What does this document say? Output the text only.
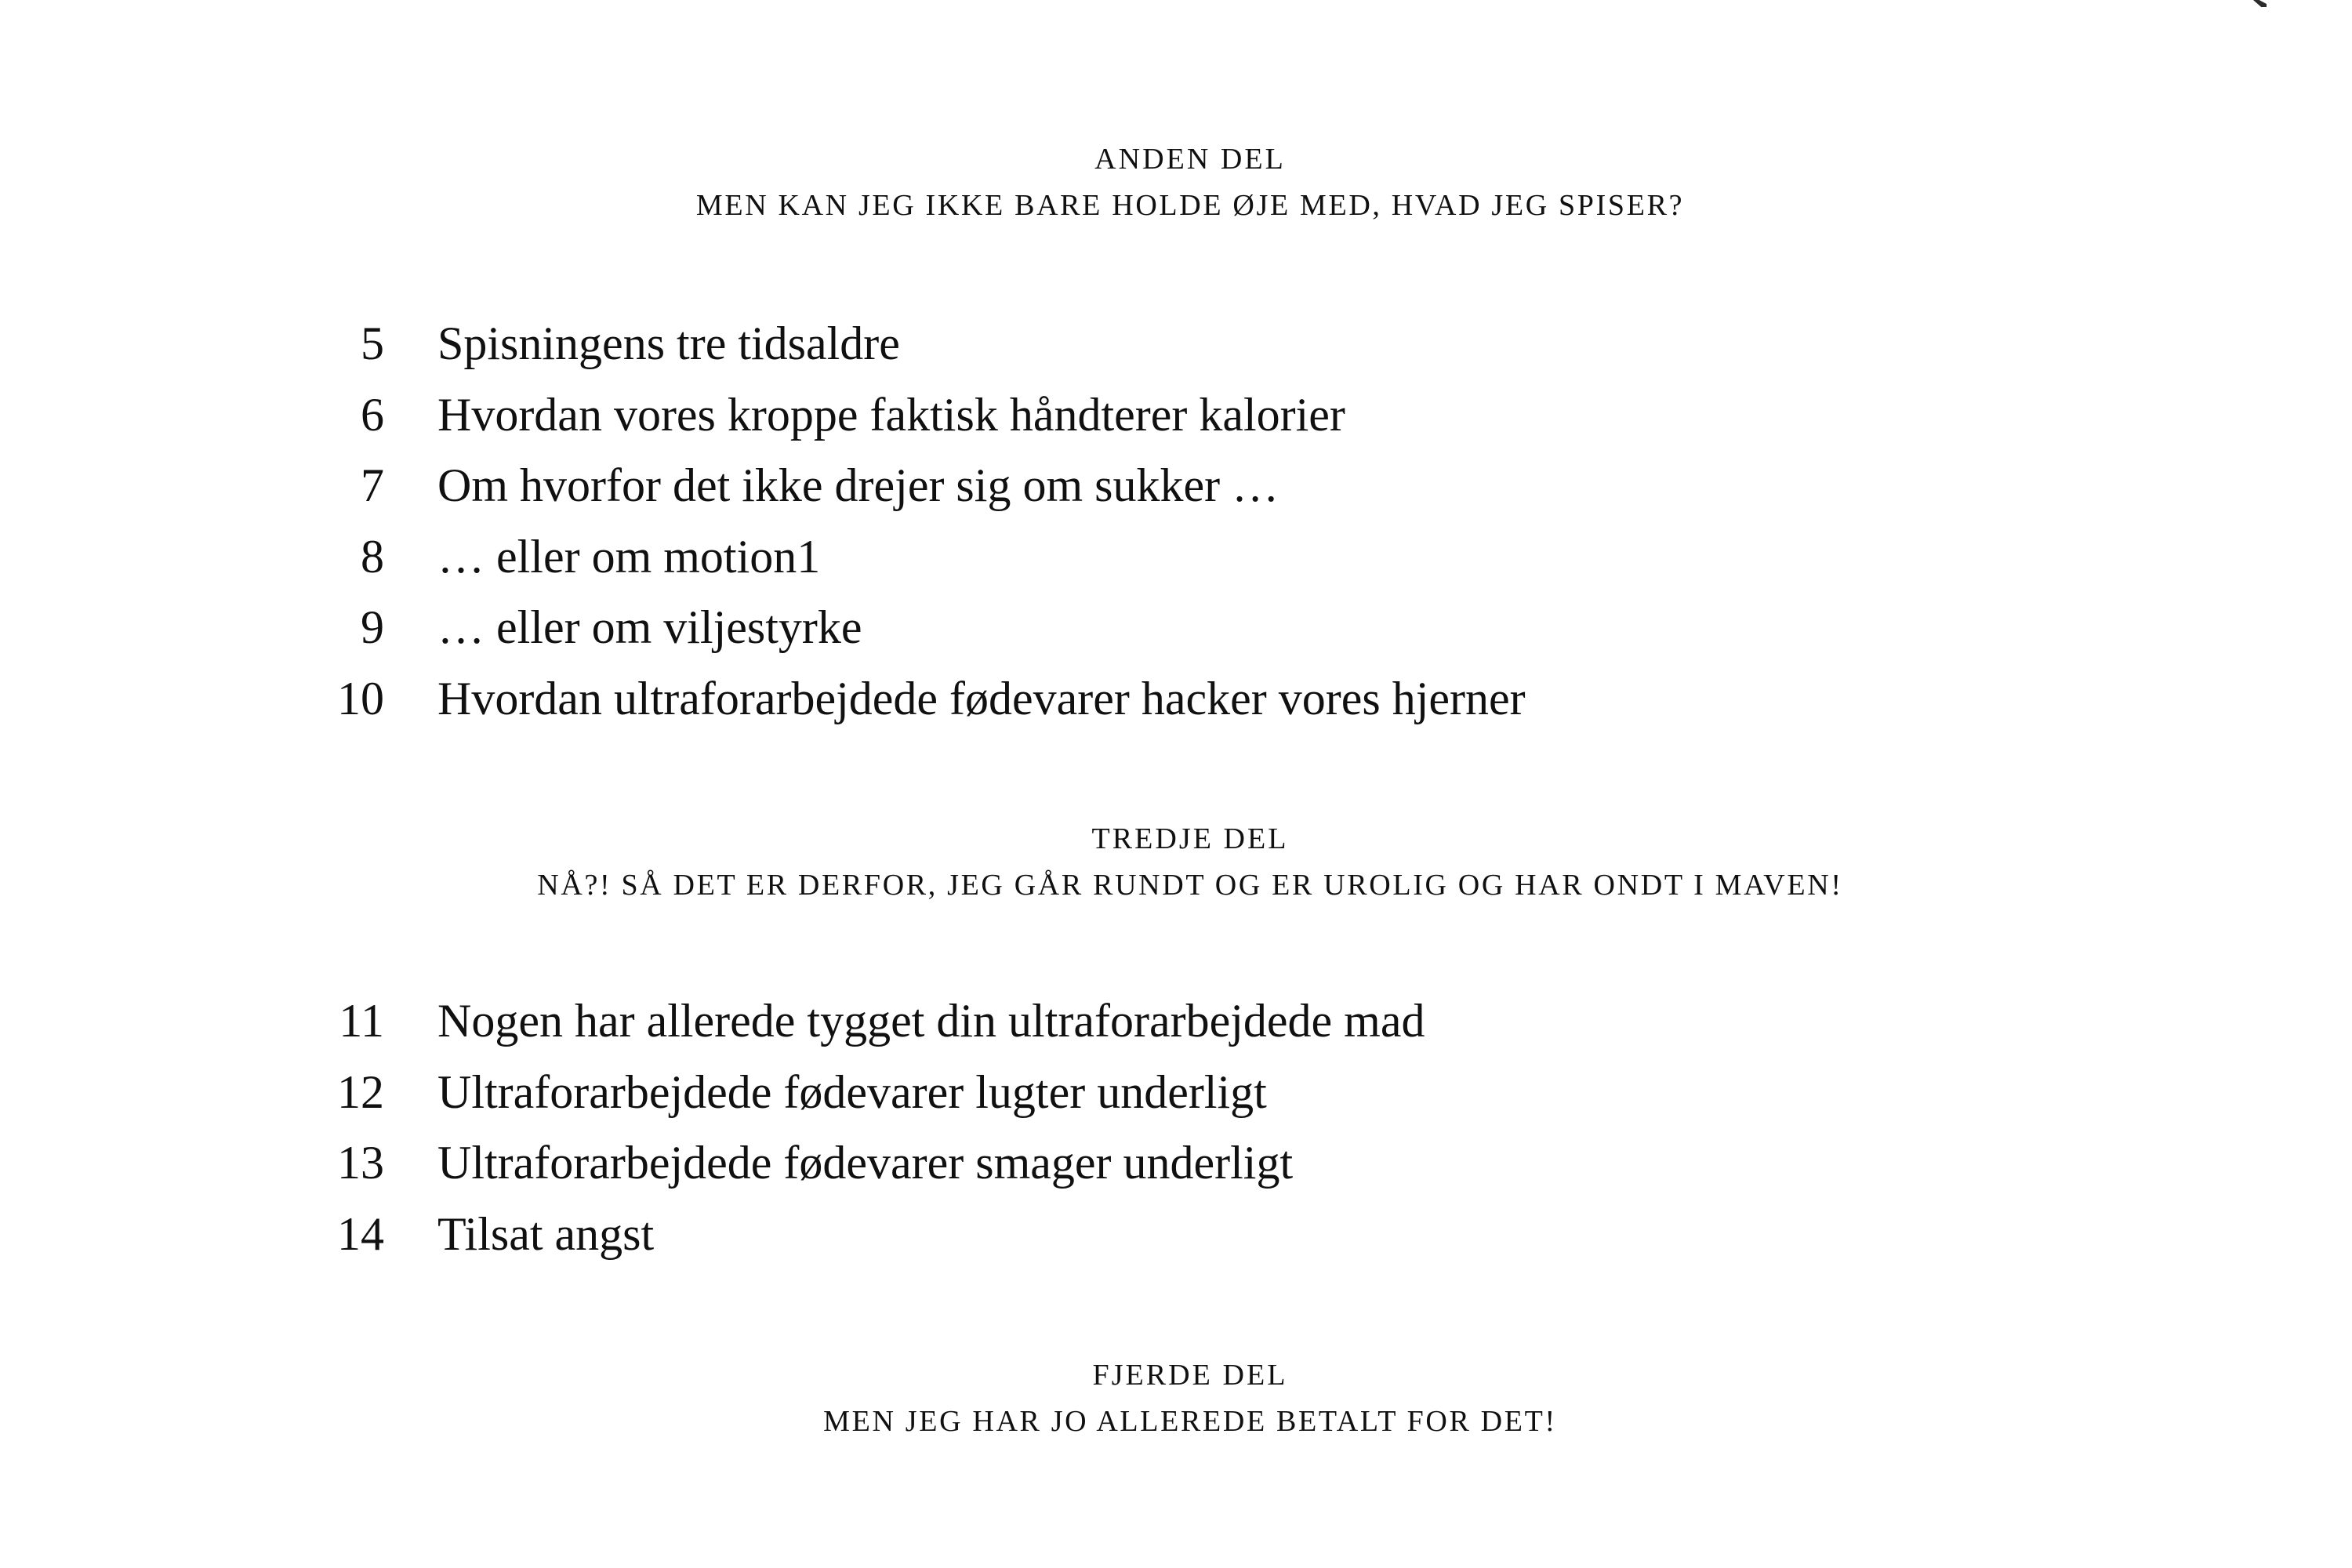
ANDEN DEL
MEN KAN JEG IKKE BARE HOLDE ØJE MED, HVAD JEG SPISER?
5	Spisningens tre tidsaldre
6	Hvordan vores kroppe faktisk håndterer kalorier
7	Om hvorfor det ikke drejer sig om sukker …
8	… eller om motion1
9	… eller om viljestyrke
10	Hvordan ultraforarbejdede fødevarer hacker vores hjerner
TREDJE DEL
NÅ?! SÅ DET ER DERFOR, JEG GÅR RUNDT OG ER UROLIG OG HAR ONDT I MAVEN!
11	Nogen har allerede tygget din ultraforarbejdede mad
12	Ultraforarbejdede fødevarer lugter underligt
13	Ultraforarbejdede fødevarer smager underligt
14	Tilsat angst
FJERDE DEL
MEN JEG HAR JO ALLEREDE BETALT FOR DET!
